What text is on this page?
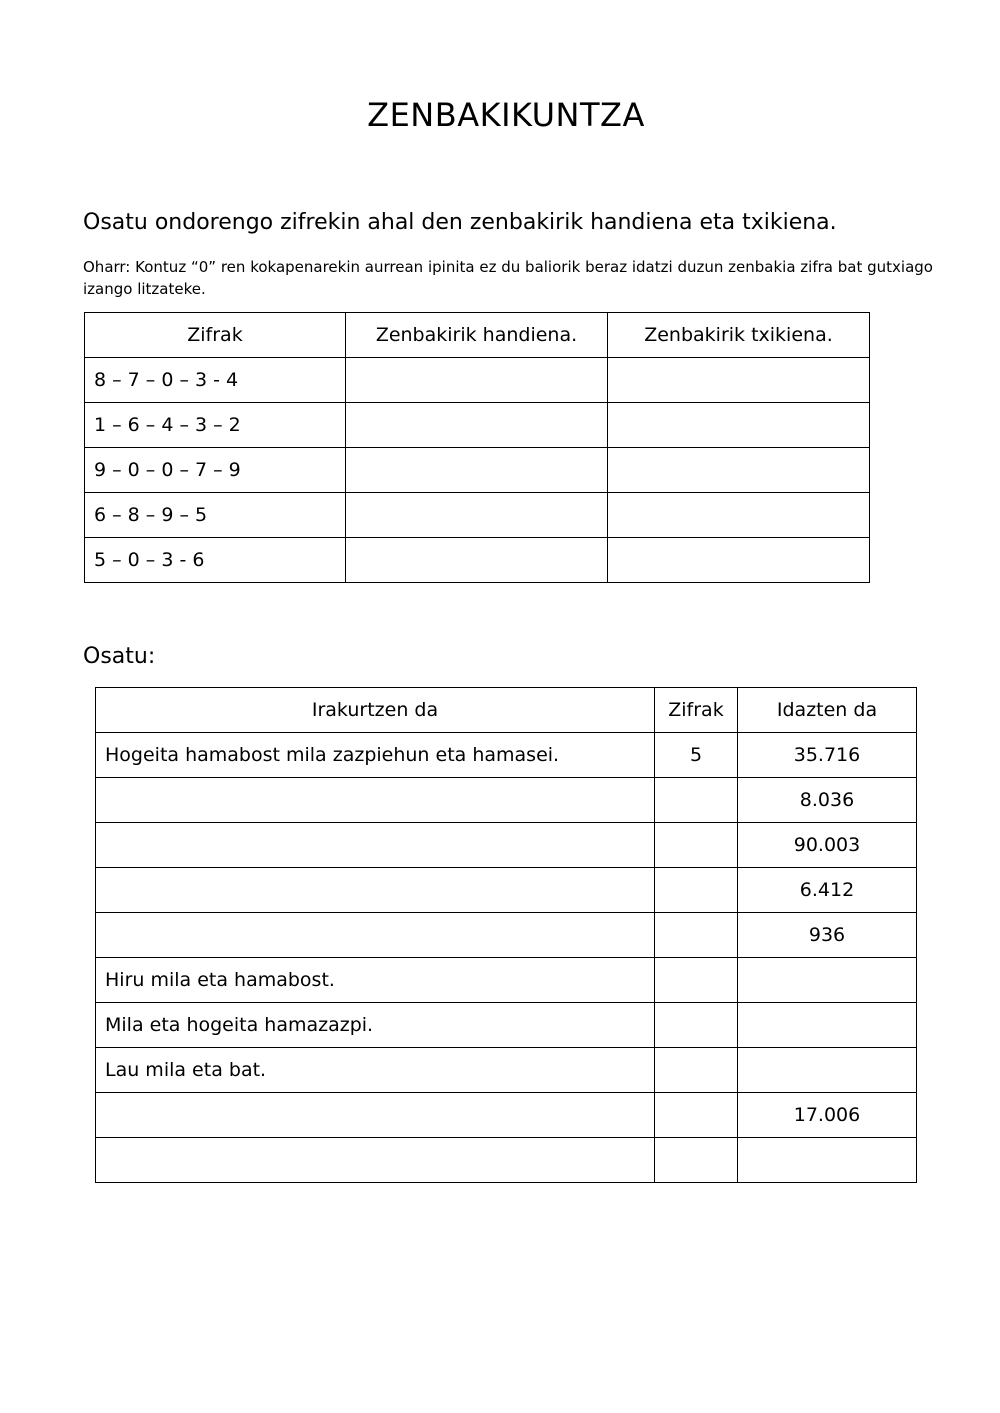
ZENBAKIKUNTZA
Osatu ondorengo zifrekin ahal den zenbakirik handiena eta txikiena.
Oharr: Kontuz “0” ren kokapenarekin aurrean ipinita ez du baliorik beraz idatzi duzun zenbakia zifra bat gutxiago izango litzateke.
Zifrak	Zenbakirik handiena.	Zenbakirik txikiena.
8 – 7 – 0 – 3 - 4		
1 – 6 – 4 – 3 – 2		
9 – 0 – 0 – 7 – 9		
6 – 8 – 9 – 5		
5 – 0 – 3 - 6		
Osatu:
Irakurtzen da	Zifrak	Idazten da
Hogeita hamabost mila zazpiehun eta hamasei.	5	35.716
		8.036
		90.003
		6.412
		936
Hiru mila eta hamabost.		
Mila eta hogeita hamazazpi.		
Lau mila eta bat.		
		17.006
